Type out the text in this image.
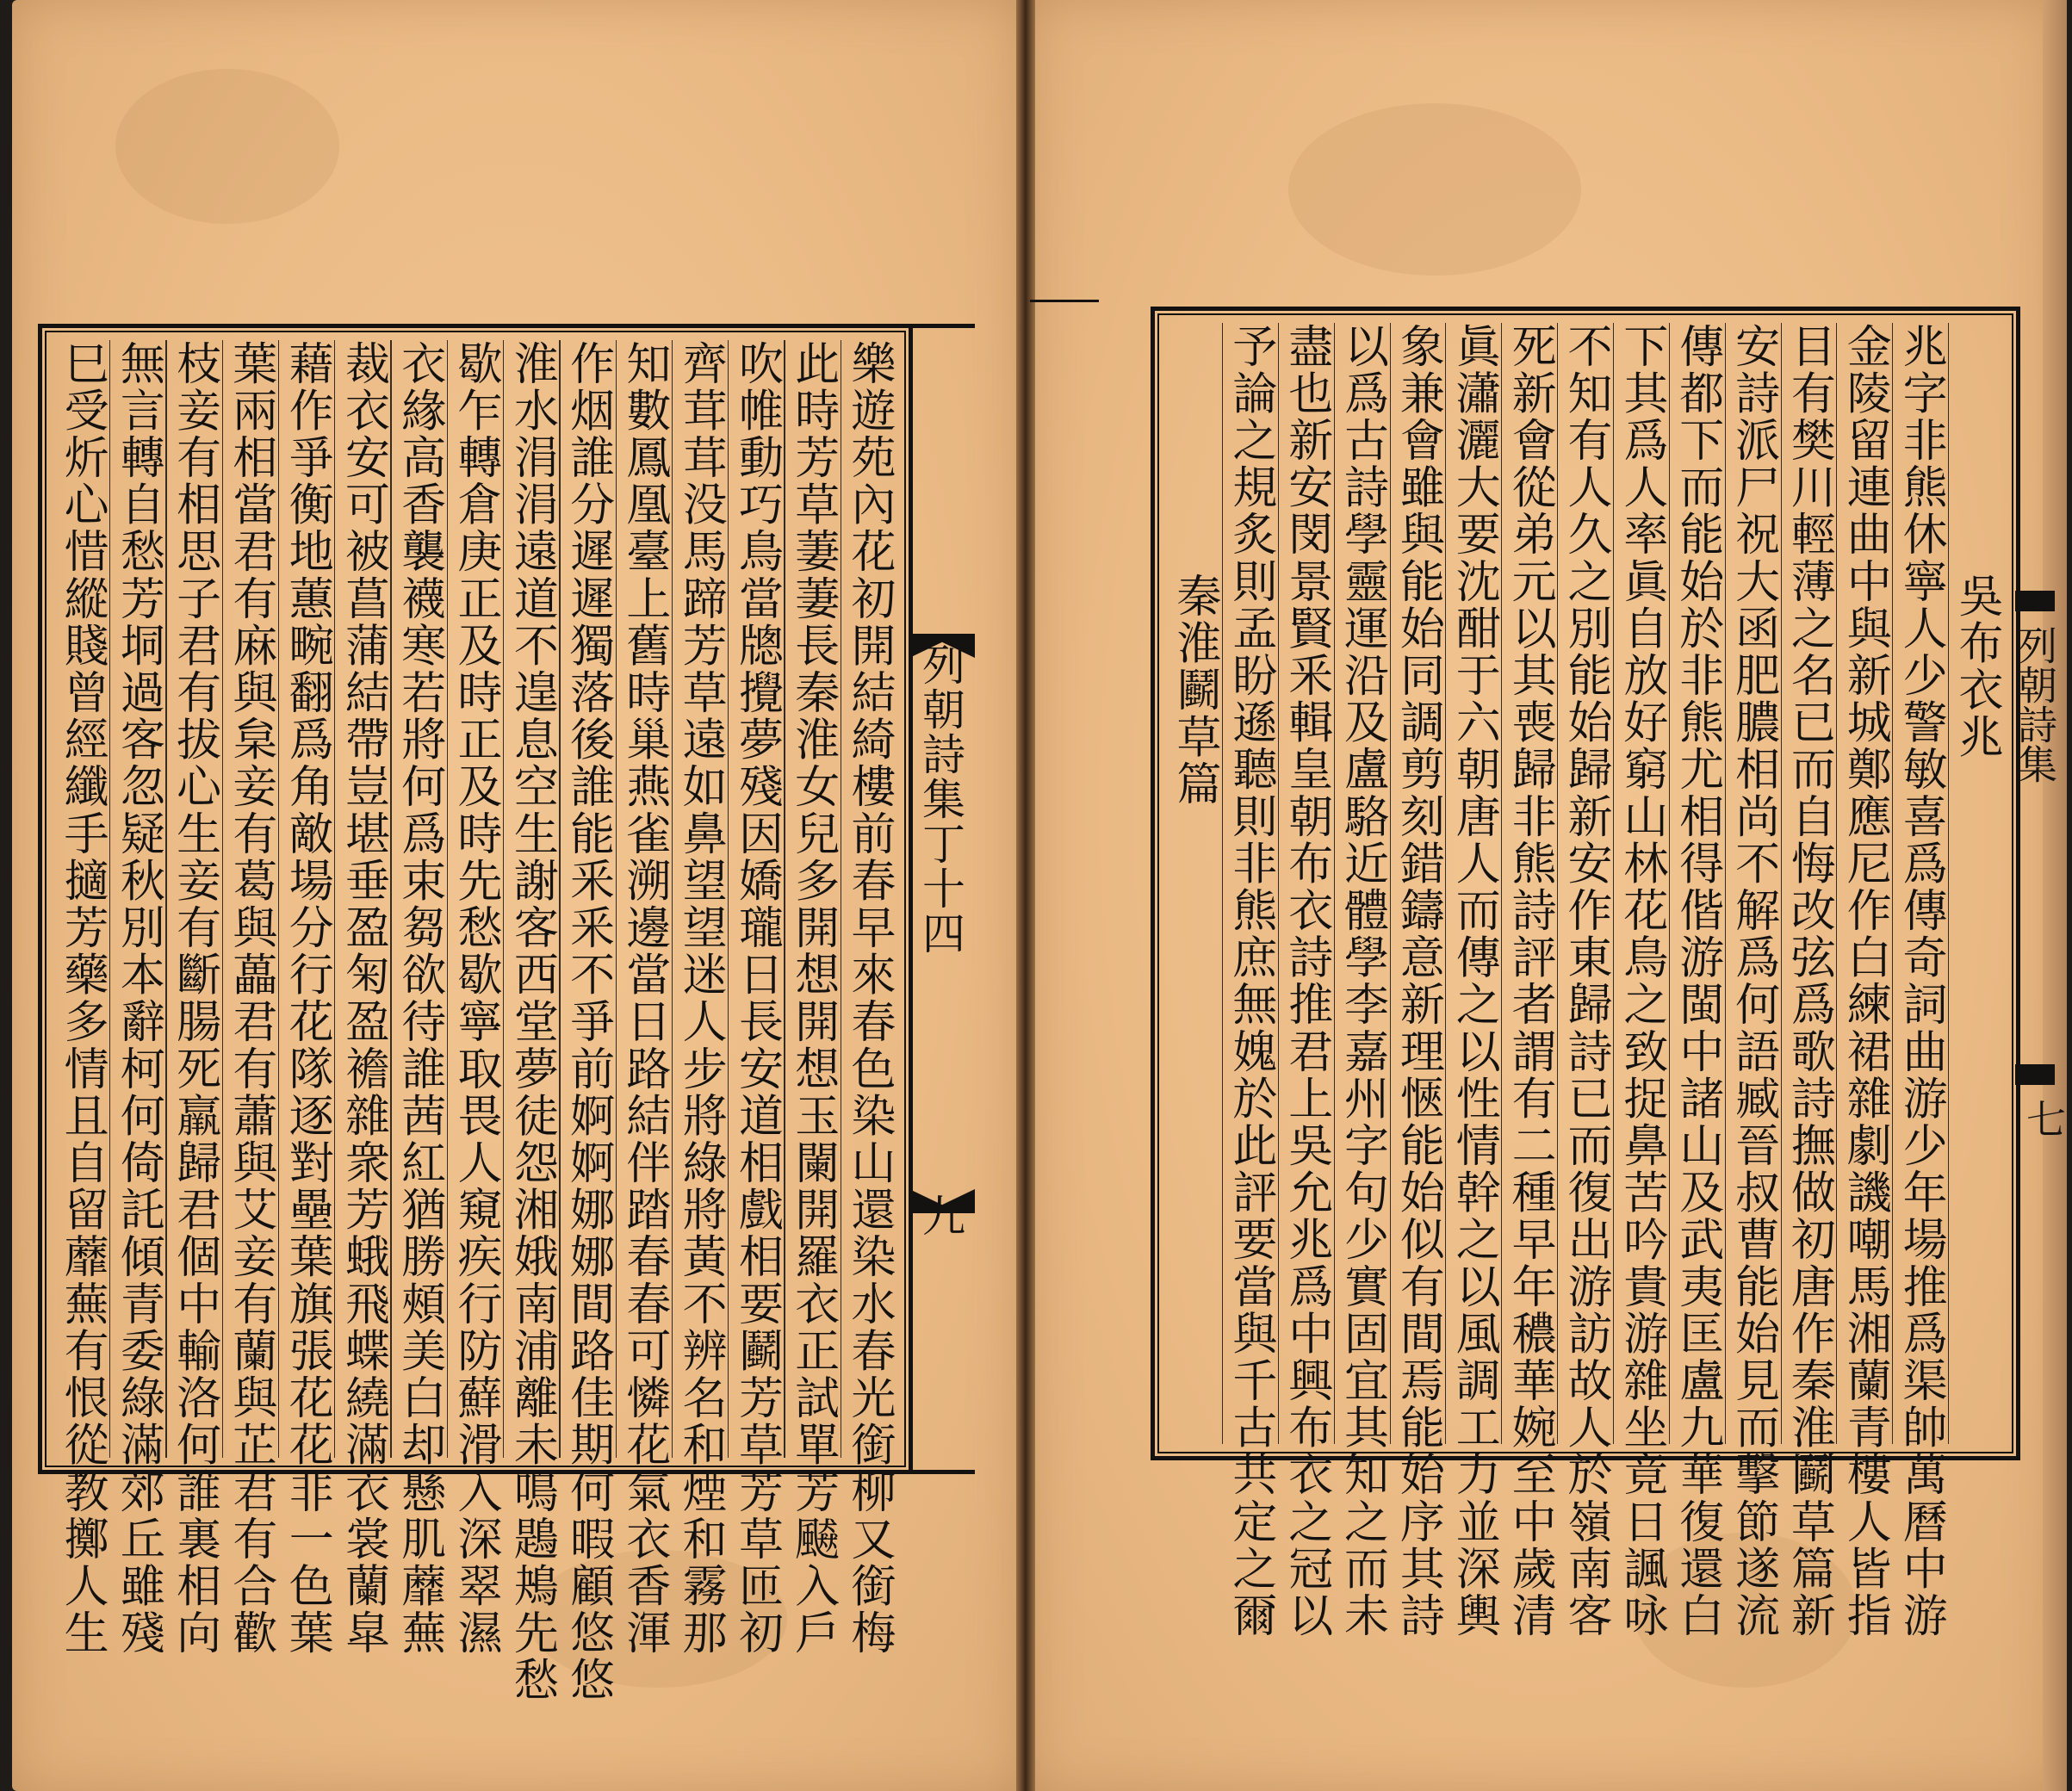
樂遊苑內花初開結綺樓前春早來春色染山還染水春光銜柳又銜梅
此時芳草萋萋長秦淮女兒多開想開想玉闌開羅衣正試單芳飇入戶
吹帷動巧鳥當牕攪夢殘因嬌瓏日長安道相戲相要鬬芳草芳草匝初
齊茸茸没馬蹄芳草遠如鼻望望迷人步將綠將黃不辨名和煙和霧那
知數鳳凰臺上舊時巢燕雀溯邊當日路結伴踏春春可憐花氣衣香渾
作烟誰分遲遲獨落後誰能釆釆不爭前婀婀娜娜間路佳期何暇顧悠悠
淮水涓涓遠道不遑息空生謝客西堂夢徒怨湘娥南浦離未鳴鶗鴂先愁
歇乍轉倉庚正及時正及時先愁歇寧取畏人窺疾行防蘚滑入深翠濕
衣緣高香襲襪寒若將何爲束芻欲待誰茜紅猶勝頰美白却懸肌蘼蕪
裁衣安可被菖蒲結帶豈堪垂盈匊盈襜雜衆芳蛾飛蝶繞滿衣裳蘭皐
藉作爭衡地蕙畹翻爲角敵場分行花隊逐對壘葉旗張花花非一色葉
葉兩相當君有麻與枲妾有葛與藟君有蕭與艾妾有蘭與芷君有合歡
枝妾有相思子君有拔心生妾有斷腸死羸歸君個中輸洛何誰裏相向
無言轉自愁芳垌過客忽疑秋別本辭柯何倚託傾青委綠滿郊丘雖殘
巳受炘心惜縱賤曾經纖手擿芳藥多情且自留蘼蕪有恨從教擲人生	列朝詩集丁十四
九
吳布衣兆
兆字非熊休寧人少警敏喜爲傳奇詞曲游少年場推爲渠帥萬曆中游
金陵留連曲中與新城鄭應尼作白練裙雜劇譏嘲馬湘蘭青樓人皆指
目有樊川輕薄之名已而自悔改弦爲歌詩撫做初唐作秦淮鬬草篇新
安詩派尸祝大函肥膿相尚不解爲何語臧晉叔曹能始見而擊節遂流
傳都下而能始於非熊尤相得偕游閩中諸山及武夷匡盧九華復還白
下其爲人率眞自放好窮山林花鳥之致捉鼻苦吟貴游雜坐竟日諷咏
不知有人久之別能始歸新安作東歸詩已而復出游訪故人於嶺南客
死新會從弟元以其喪歸非熊詩評者謂有二種早年穠華婉至中歲清
眞瀟灑大要沈酣于六朝唐人而傳之以性情幹之以風調工力並深輿
象兼會雖與能始同調剪刻錯鑄意新理愜能始似有間焉能始序其詩
以爲古詩學靈運沿及盧駱近體學李嘉州字句少實固宜其知之而未
盡也新安閔景賢釆輯皇朝布衣詩推君上吳允兆爲中興布衣之冠以
予論之規炙則孟盼遜聽則非熊庶無媿於此評要當與千古共定之爾
秦淮鬬草篇	列朝詩集
七
